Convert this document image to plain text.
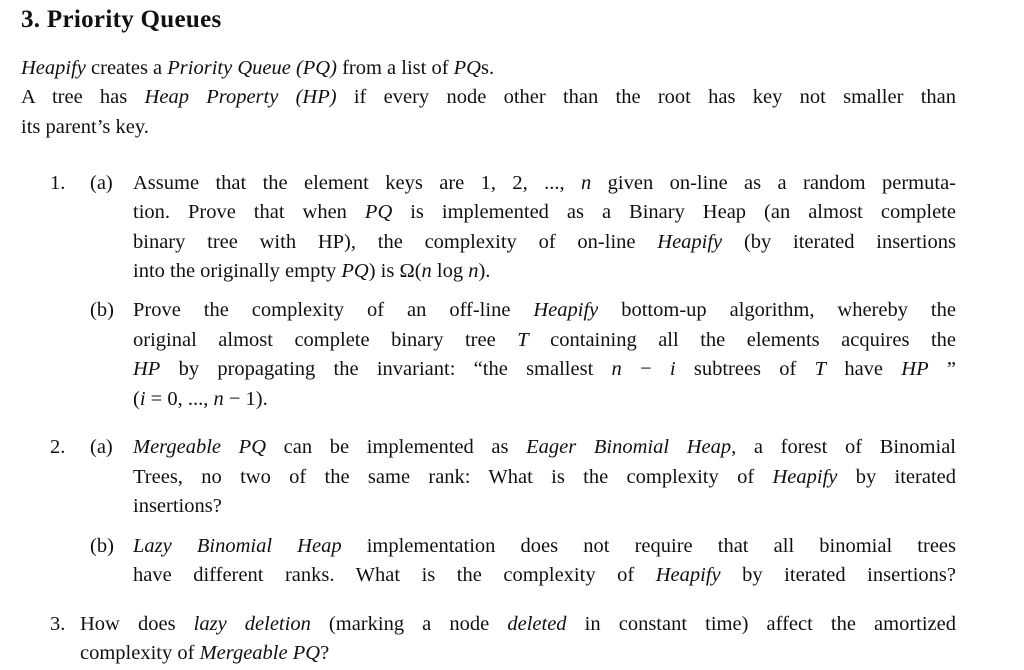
3. Priority Queues
Heapify creates a Priority Queue (PQ) from a list of PQs.
A tree has Heap Property (HP) if every node other than the root has key not smaller than
its parent’s key.
1. (a) Assume that the element keys are 1, 2, ..., n given on-line as a random permuta-
tion. Prove that when PQ is implemented as a Binary Heap (an almost complete
binary tree with HP), the complexity of on-line Heapify (by iterated insertions
into the originally empty PQ) is Ω(n log n).
(b) Prove the complexity of an off-line Heapify bottom-up algorithm, whereby the
original almost complete binary tree T containing all the elements acquires the
HP by propagating the invariant: “the smallest n − i subtrees of T have HP ”
(i = 0, ..., n − 1).
2. (a) Mergeable PQ can be implemented as Eager Binomial Heap, a forest of Binomial
Trees, no two of the same rank: What is the complexity of Heapify by iterated
insertions?
(b) Lazy Binomial Heap implementation does not require that all binomial trees
have different ranks. What is the complexity of Heapify by iterated insertions?
3. How does lazy deletion (marking a node deleted in constant time) affect the amortized
complexity of Mergeable PQ?
